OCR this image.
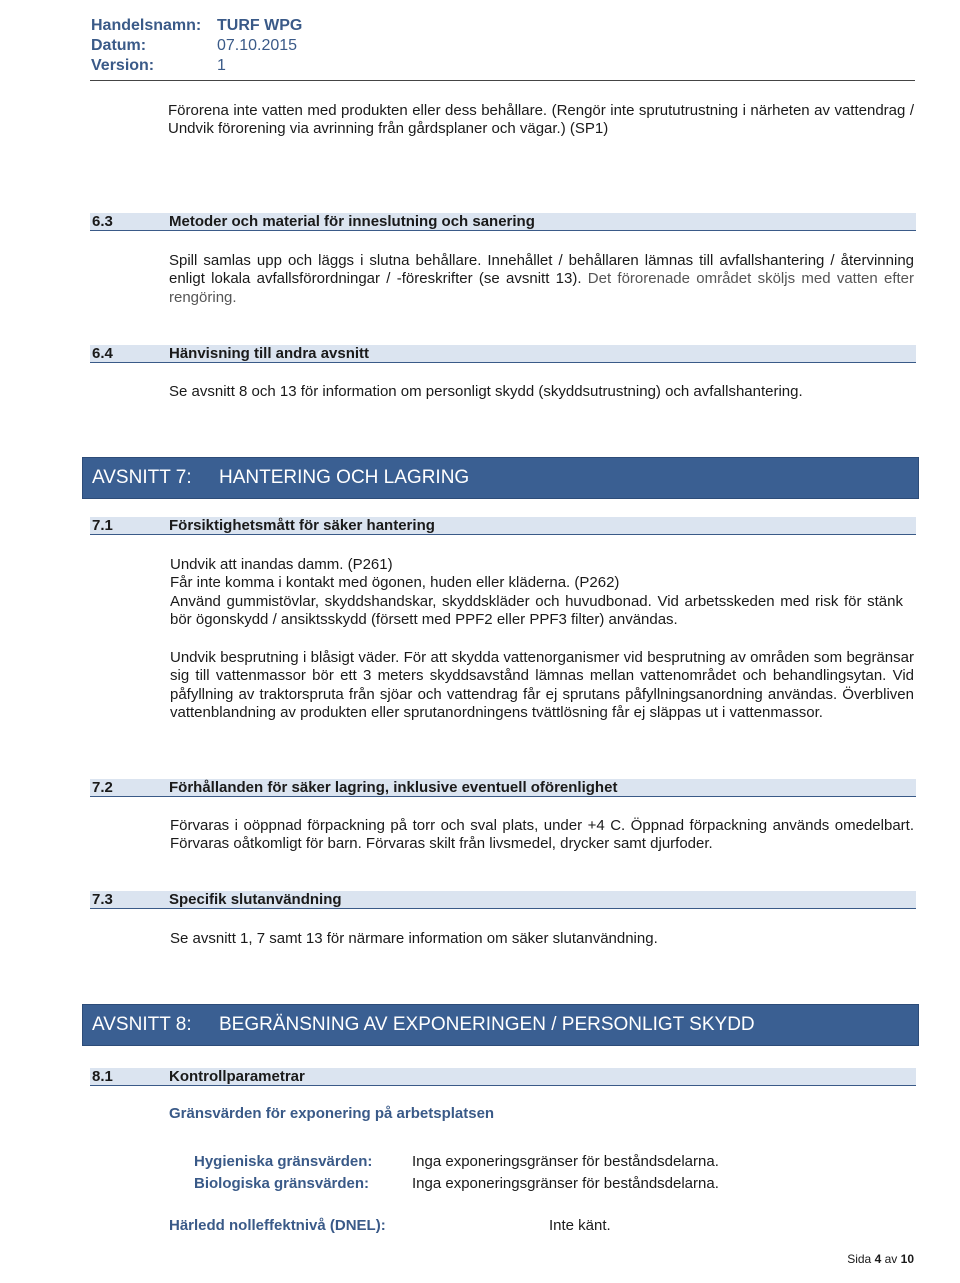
Handelsnamn: TURF WPG
Datum:	07.10.2015
Version:	1
Förorena inte vatten med produkten eller dess behållare. (Rengör inte sprututrustning i närheten av vattendrag / Undvik förorening via avrinning från gårdsplaner och vägar.) (SP1)
6.3	Metoder och material för inneslutning och sanering
Spill samlas upp och läggs i slutna behållare. Innehållet / behållaren lämnas till avfallshantering / återvinning enligt lokala avfallsförordningar / -föreskrifter (se avsnitt 13). Det förorenade området sköljs med vatten efter rengöring.
6.4	Hänvisning till andra avsnitt
Se avsnitt 8 och 13 för information om personligt skydd (skyddsutrustning) och avfallshantering.
AVSNITT 7: HANTERING OCH LAGRING
7.1	Försiktighetsmått för säker hantering
Undvik att inandas damm. (P261)
Får inte komma i kontakt med ögonen, huden eller kläderna. (P262)
Använd gummistövlar, skyddshandskar, skyddskläder och huvudbonad. Vid arbetsskeden med risk för stänk bör ögonskydd / ansiktsskydd (försett med PPF2 eller PPF3 filter) användas.
Undvik besprutning i blåsigt väder. För att skydda vattenorganismer vid besprutning av områden som begränsar sig till vattenmassor bör ett 3 meters skyddsavstånd lämnas mellan vattenområdet och behandlingsytan. Vid påfyllning av traktorspruta från sjöar och vattendrag får ej sprutans påfyllningsanordning användas. Överbliven vattenblandning av produkten eller sprutanordningens tvättlösning får ej släppas ut i vattenmassor.
7.2	Förhållanden för säker lagring, inklusive eventuell oförenlighet
Förvaras i oöppnad förpackning på torr och sval plats, under +4 C. Öppnad förpackning används omedelbart. Förvaras oåtkomligt för barn. Förvaras skilt från livsmedel, drycker samt djurfoder.
7.3	Specifik slutanvändning
Se avsnitt 1, 7 samt 13 för närmare information om säker slutanvändning.
AVSNITT 8: BEGRÄNSNING AV EXPONERINGEN / PERSONLIGT SKYDD
8.1	Kontrollparametrar
Gränsvärden för exponering på arbetsplatsen
Hygieniska gränsvärden:	Inga exponeringsgränser för beståndsdelarna.
Biologiska gränsvärden:	Inga exponeringsgränser för beståndsdelarna.
Härledd nolleffektnivå (DNEL):	Inte känt.
Sida 4 av 10
